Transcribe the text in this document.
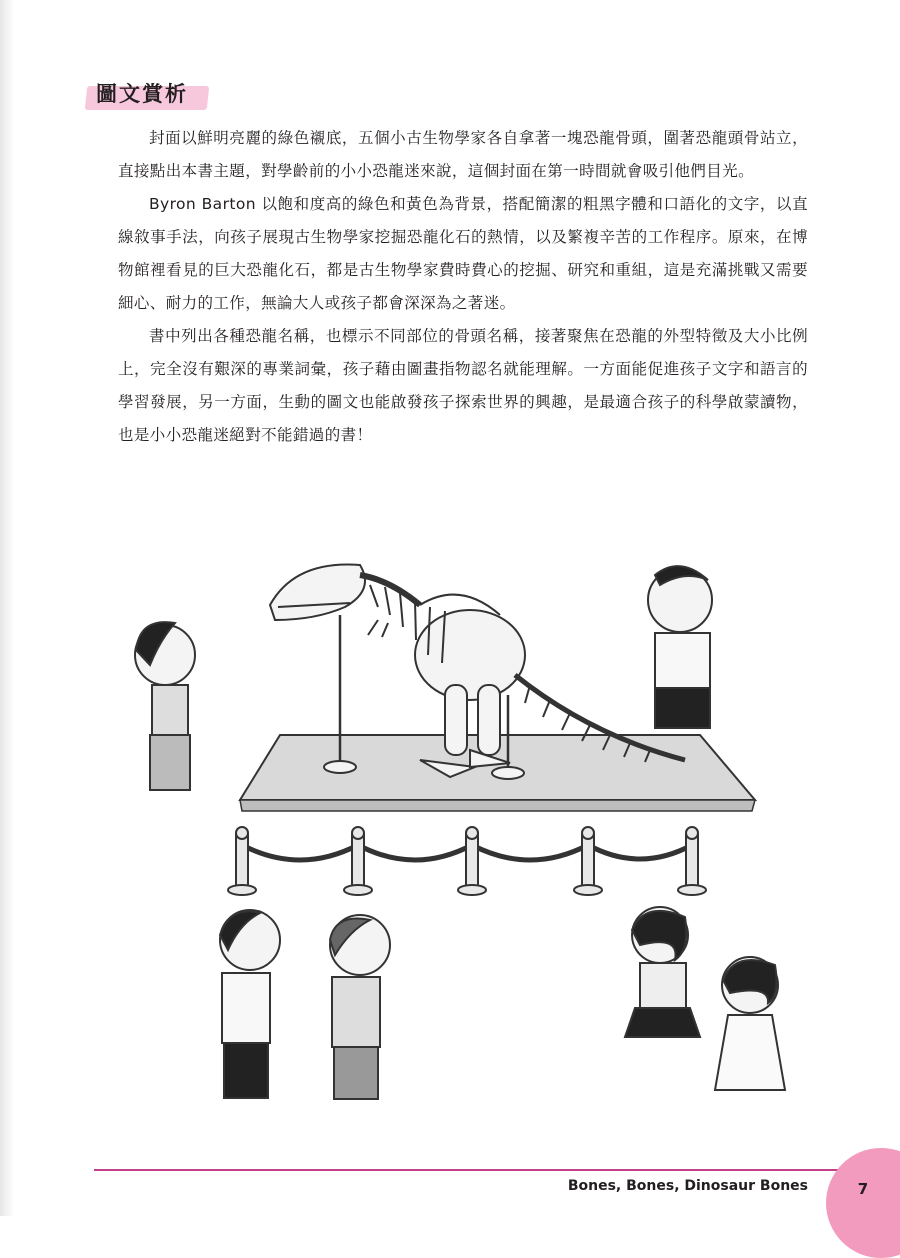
圖文賞析

封面以鮮明亮麗的綠色襯底，五個小古生物學家各自拿著一塊恐龍骨頭，圍著恐龍頭骨站立，直接點出本書主題，對學齡前的小小恐龍迷來說，這個封面在第一時間就會吸引他們目光。

Byron Barton 以飽和度高的綠色和黃色為背景，搭配簡潔的粗黑字體和口語化的文字，以直線敘事手法，向孩子展現古生物學家挖掘恐龍化石的熱情，以及繁複辛苦的工作程序。原來，在博物館裡看見的巨大恐龍化石，都是古生物學家費時費心的挖掘、研究和重組，這是充滿挑戰又需要細心、耐力的工作，無論大人或孩子都會深深為之著迷。

書中列出各種恐龍名稱，也標示不同部位的骨頭名稱，接著聚焦在恐龍的外型特徵及大小比例上，完全沒有艱深的專業詞彙，孩子藉由圖畫指物認名就能理解。一方面能促進孩子文字和語言的學習發展，另一方面，生動的圖文也能啟發孩子探索世界的興趣，是最適合孩子的科學啟蒙讀物，也是小小恐龍迷絕對不能錯過的書！

Bones, Bones, Dinosaur Bones	7
